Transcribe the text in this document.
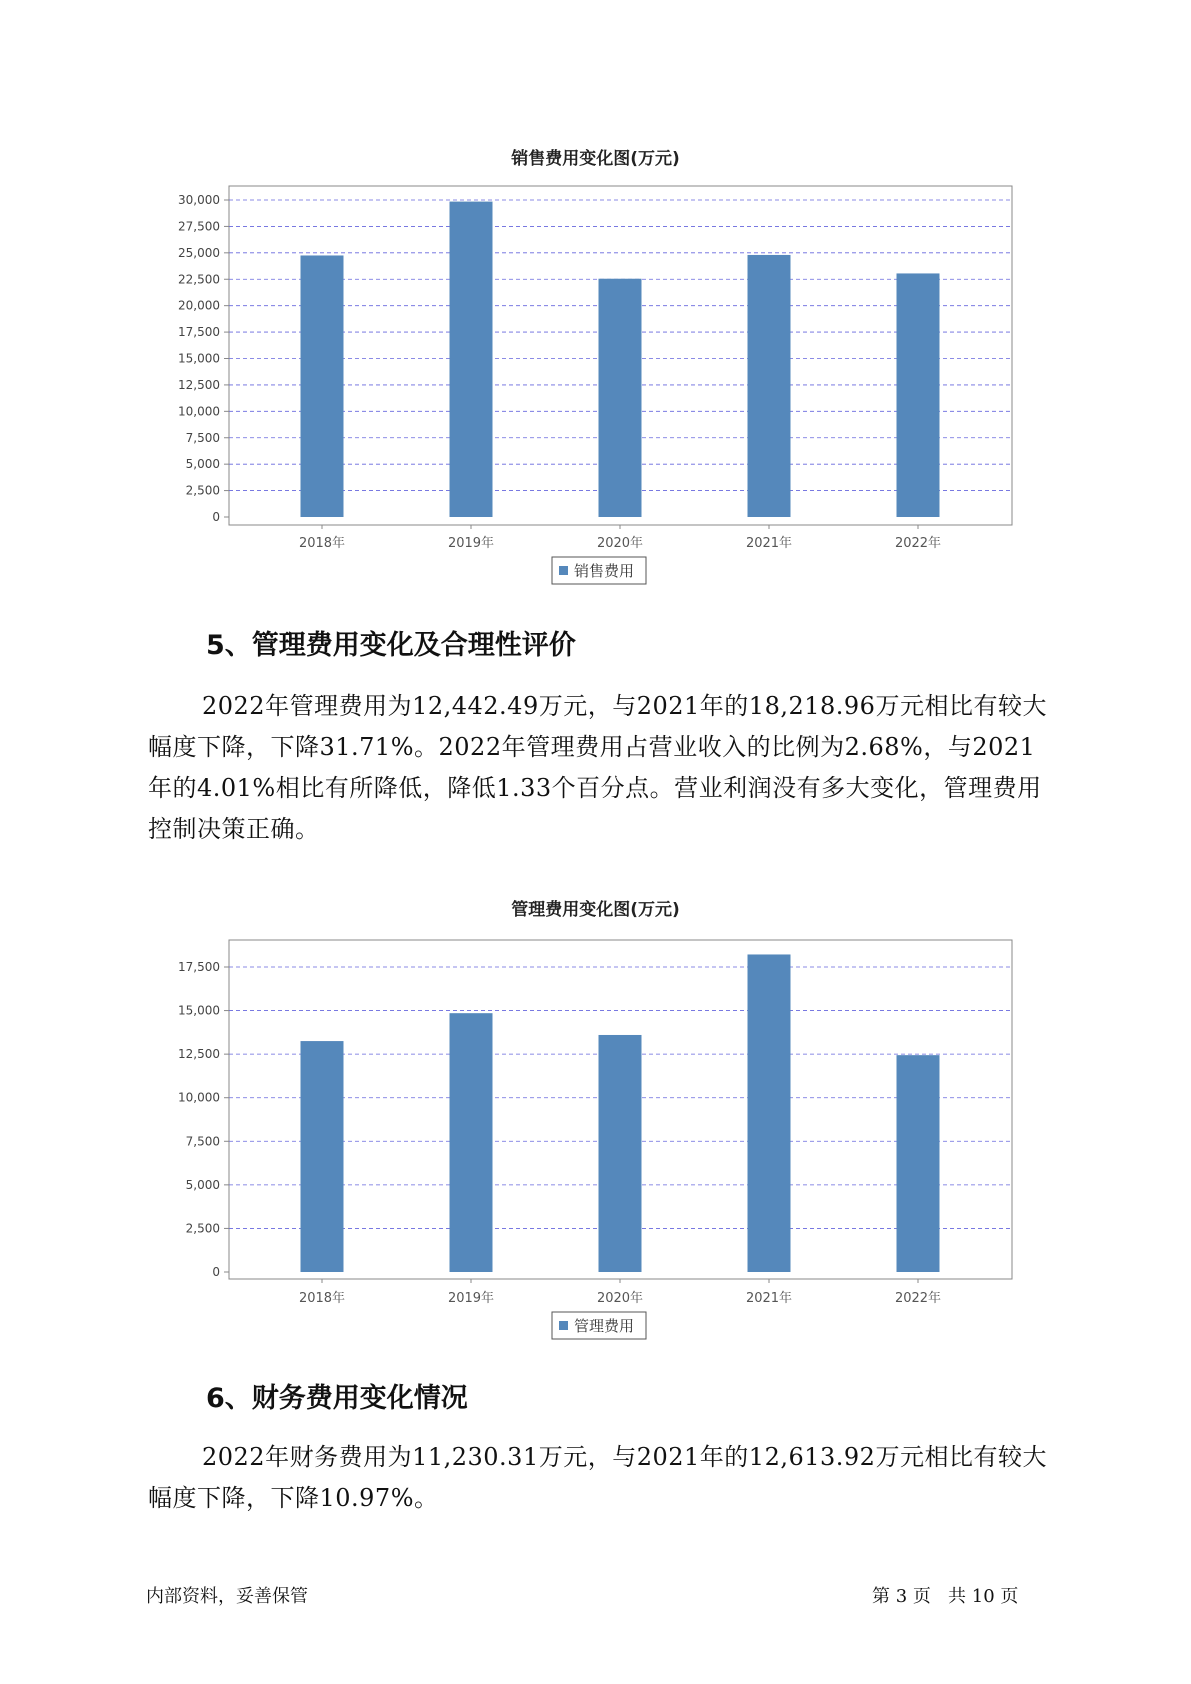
销售费用变化图(万元)
0
2,500
5,000
7,500
10,000
12,500
15,000
17,500
20,000
22,500
25,000
27,500
30,000
2018年	2019年	2020年	2021年	2022年
销售费用
5、管理费用变化及合理性评价

2022年管理费用为12,442.49万元，与2021年的18,218.96万元相比有较大幅度下降，下降31.71%。2022年管理费用占营业收入的比例为2.68%，与2021年的4.01%相比有所降低，降低1.33个百分点。营业利润没有多大变化，管理费用控制决策正确。

管理费用变化图(万元)
0
2,500
5,000
7,500
10,000
12,500
15,000
17,500
2018年	2019年	2020年	2021年	2022年
管理费用
6、财务费用变化情况

2022年财务费用为11,230.31万元，与2021年的12,613.92万元相比有较大幅度下降，下降10.97%。

内部资料，妥善保管	第 3 页   共 10 页
